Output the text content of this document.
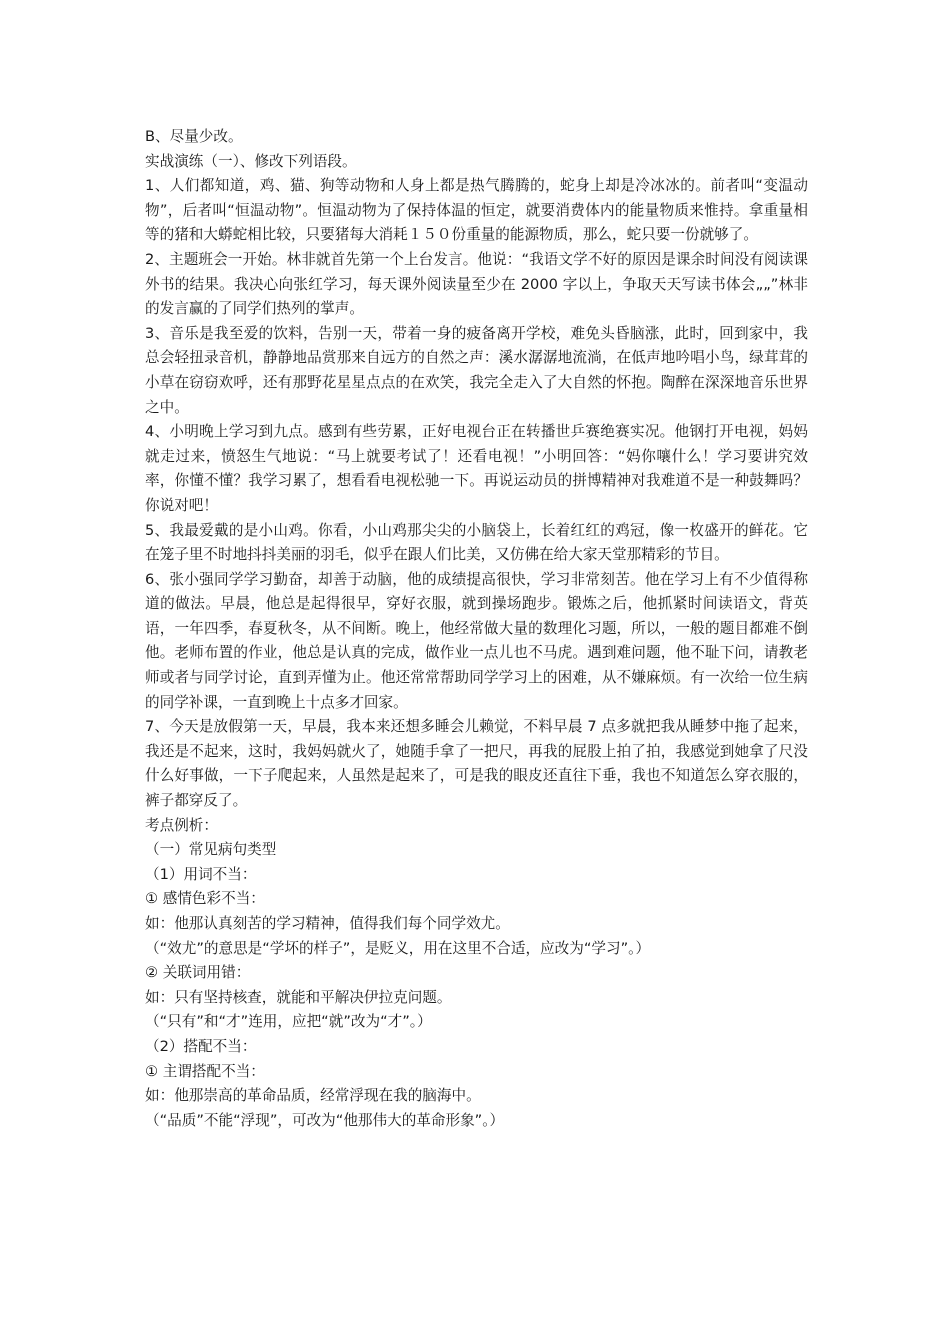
B、尽量少改。

实战演练（一）、修改下列语段。

1、人们都知道，鸡、猫、狗等动物和人身上都是热气腾腾的，蛇身上却是冷冰冰的。前者叫“变温动物”，后者叫“恒温动物”。恒温动物为了保持体温的恒定，就要消费体内的能量物质来惟持。拿重量相等的猪和大蟒蛇相比较，只要猪每大消耗１５０份重量的能源物质，那么，蛇只要一份就够了。

2、主题班会一开始。林非就首先第一个上台发言。他说：“我语文学不好的原因是课余时间没有阅读课外书的结果。我决心向张红学习，每天课外阅读量至少在 2000 字以上，争取天天写读书体会„„”林非的发言赢的了同学们热列的掌声。

3、音乐是我至爱的饮料，告别一天，带着一身的疲备离开学校，难免头昏脑涨，此时，回到家中，我总会轻扭录音机，静静地品赏那来自远方的自然之声：溪水潺潺地流淌，在低声地吟唱小鸟，绿茸茸的小草在窃窃欢呼，还有那野花星星点点的在欢笑，我完全走入了大自然的怀抱。陶醉在深深地音乐世界之中。

4、小明晚上学习到九点。感到有些劳累，正好电视台正在转播世乒赛绝赛实况。他钢打开电视，妈妈就走过来，愤怒生气地说：“马上就要考试了！还看电视！”小明回答：“妈你嚷什么！学习要讲究效率，你懂不懂？我学习累了，想看看电视松驰一下。再说运动员的拼博精神对我难道不是一种鼓舞吗？你说对吧！

5、我最爱戴的是小山鸡。你看，小山鸡那尖尖的小脑袋上，长着红红的鸡冠，像一枚盛开的鲜花。它在笼子里不时地抖抖美丽的羽毛，似乎在跟人们比美，又仿佛在给大家天堂那精彩的节目。

6、张小强同学学习勤奋，却善于动脑，他的成绩提高很快，学习非常刻苦。他在学习上有不少值得称道的做法。早晨，他总是起得很早，穿好衣服，就到操场跑步。锻炼之后，他抓紧时间读语文，背英语，一年四季，春夏秋冬，从不间断。晚上，他经常做大量的数理化习题，所以，一般的题目都难不倒他。老师布置的作业，他总是认真的完成，做作业一点儿也不马虎。遇到难问题，他不耻下问，请教老师或者与同学讨论，直到弄懂为止。他还常常帮助同学学习上的困难，从不嫌麻烦。有一次给一位生病的同学补课，一直到晚上十点多才回家。

7、今天是放假第一天，早晨，我本来还想多睡会儿赖觉，不料早晨 7 点多就把我从睡梦中拖了起来，我还是不起来，这时，我妈妈就火了，她随手拿了一把尺，再我的屁股上拍了拍，我感觉到她拿了尺没什么好事做，一下子爬起来，人虽然是起来了，可是我的眼皮还直往下垂，我也不知道怎么穿衣服的，裤子都穿反了。

考点例析：

（一）常见病句类型

（1）用词不当：

① 感情色彩不当：

如：他那认真刻苦的学习精神，值得我们每个同学效尤。

（“效尤”的意思是“学坏的样子”，是贬义，用在这里不合适，应改为“学习”。）

② 关联词用错：

如：只有坚持核查，就能和平解决伊拉克问题。

（“只有”和“才”连用，应把“就”改为“才”。）

（2）搭配不当：

① 主谓搭配不当：

如：他那崇高的革命品质，经常浮现在我的脑海中。

（“品质”不能“浮现”，可改为“他那伟大的革命形象”。）
